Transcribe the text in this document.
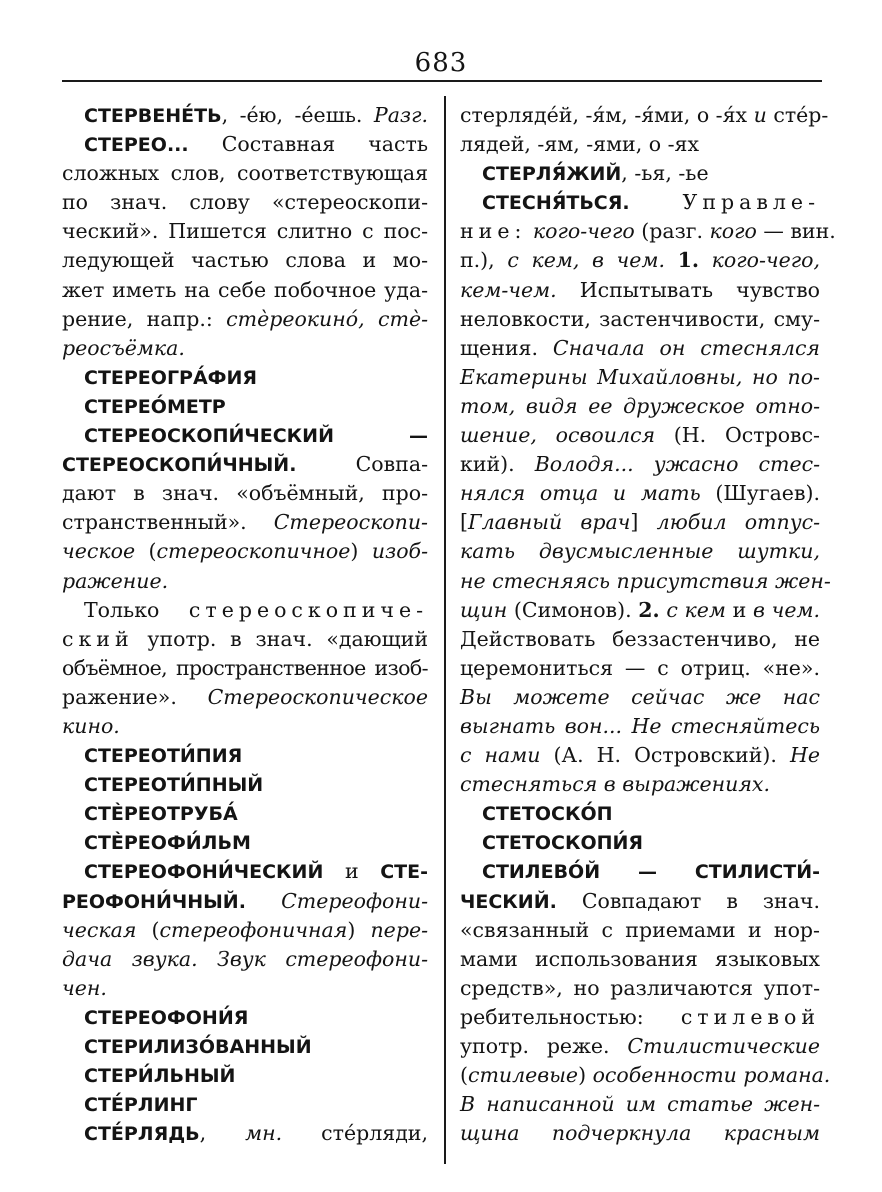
683
СТЕРВЕНЕ́ТЬ, -е́ю, -е́ешь. Разг.
СТЕРЕО... Составная часть
сложных слов, соответствующая
по знач. слову «стереоскопи-
ческий». Пишется слитно с пос-
ледующей частью слова и мо-
жет иметь на себе побочное уда-
рение, напр.: стѐреокинó, стѐ-
реосъёмка.
СТЕРЕОГРА́ФИЯ
СТЕРЕО́МЕТР
СТЕРЕОСКОПИ́ЧЕСКИЙ —
СТЕРЕОСКОПИ́ЧНЫЙ. Совпа-
дают в знач. «объёмный, про-
странственный». Стереоскопи-
ческое (стереоскопичное) изоб-
ражение.
Только стереоскопиче-
ский употр. в знач. «дающий
объёмное, пространственное изоб-
ражение». Стереоскопическое
кино.
СТЕРЕОТИ́ПИЯ
СТЕРЕОТИ́ПНЫЙ
СТЀРЕОТРУБА́
СТЀРЕОФИ́ЛЬМ
СТЕРЕОФОНИ́ЧЕСКИЙ и СТЕ-
РЕОФОНИ́ЧНЫЙ. Стереофони-
ческая (стереофоничная) пере-
дача звука. Звук стереофони-
чен.
СТЕРЕОФОНИ́Я
СТЕРИЛИЗО́ВАННЫЙ
СТЕРИ́ЛЬНЫЙ
СТЕ́РЛИНГ
СТЕ́РЛЯДЬ, мн. сте́рляди,
стерляде́й, -я́м, -я́ми, о -я́х и сте́р-
лядей, -ям, -ями, о -ях
СТЕРЛЯ́ЖИЙ, -ья, -ье
СТЕСНЯ́ТЬСЯ.	Управле-
ние: кого-чего (разг. кого — вин.
п.), с кем, в чем. 1. кого-чего,
кем-чем. Испытывать чувство
неловкости, застенчивости, сму-
щения. Сначала он стеснялся
Екатерины Михайловны, но по-
том, видя ее дружеское отно-
шение, освоился (Н. Островс-
кий). Володя... ужасно стес-
нялся отца и мать (Шугаев).
[Главный врач] любил отпус-
кать двусмысленные шутки,
не стесняясь присутствия жен-
щин (Симонов). 2. с кем и в чем.
Действовать беззастенчиво, не
церемониться — с отриц. «не».
Вы можете сейчас же нас
выгнать вон... Не стесняйтесь
с нами (А. Н. Островский). Не
стесняться в выражениях.
СТЕТОСКО́П
СТЕТОСКОПИ́Я
СТИЛЕВО́Й — СТИЛИСТИ́-
ЧЕСКИЙ. Совпадают в знач.
«связанный с приемами и нор-
мами использования языковых
средств», но различаются упот-
ребительностью: стилевой
употр. реже. Стилистические
(стилевые) особенности романа.
В написанной им статье жен-
щина подчеркнула красным
